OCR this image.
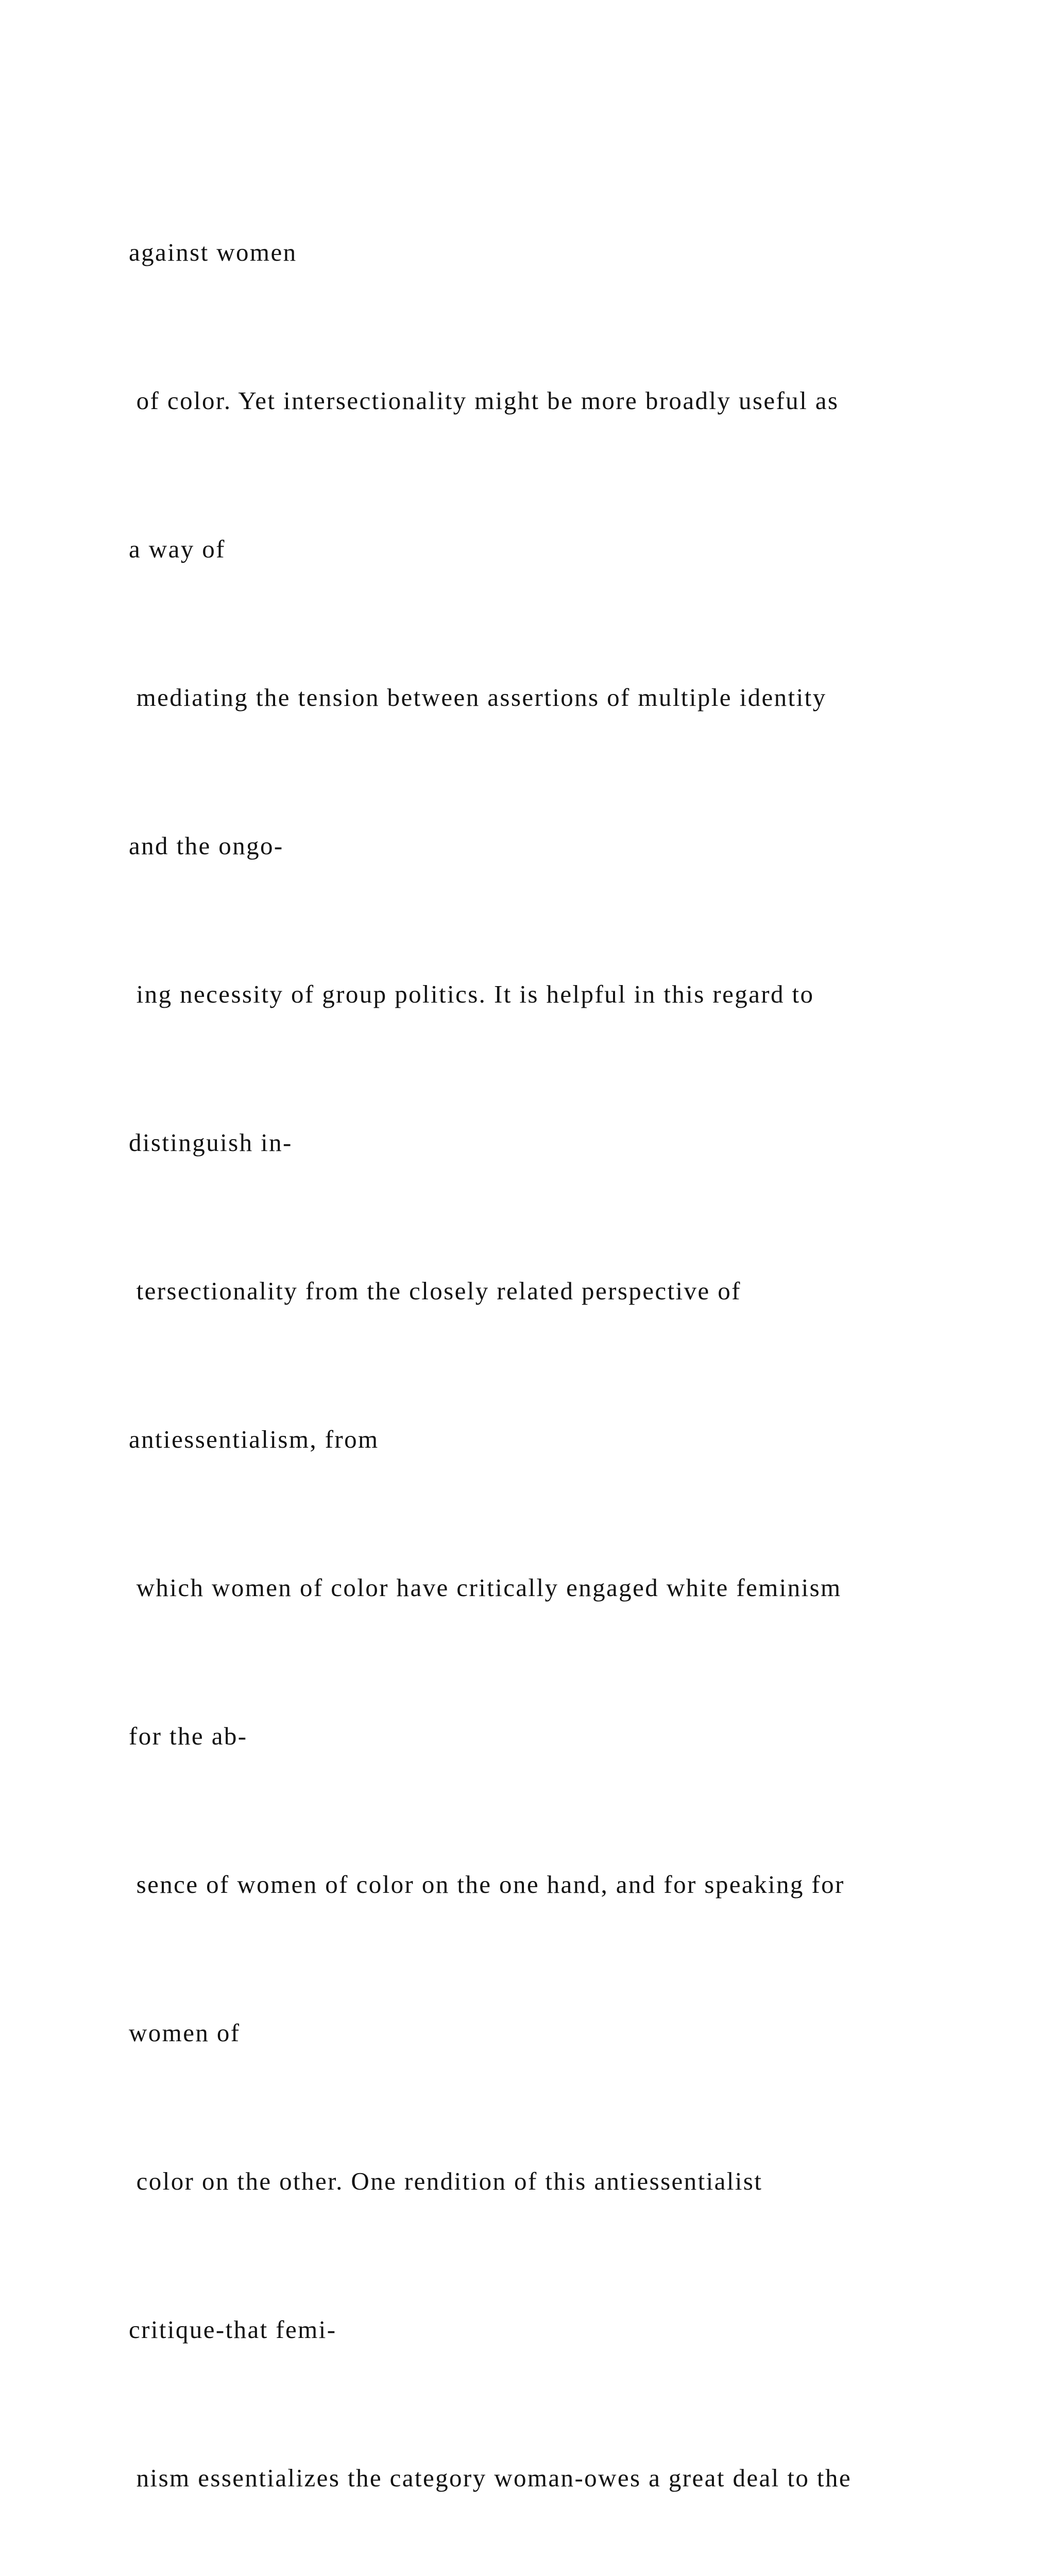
against women

of color. Yet intersectionality might be more broadly useful as

a way of

mediating the tension between assertions of multiple identity

and the ongo-

ing necessity of group politics. It is helpful in this regard to

distinguish in-

tersectionality from the closely related perspective of

antiessentialism, from

which women of color have critically engaged white feminism

for the ab-

sence of women of color on the one hand, and for speaking for

women of

color on the other. One rendition of this antiessentialist

critique-that femi-

nism essentializes the category woman-owes a great deal to the
